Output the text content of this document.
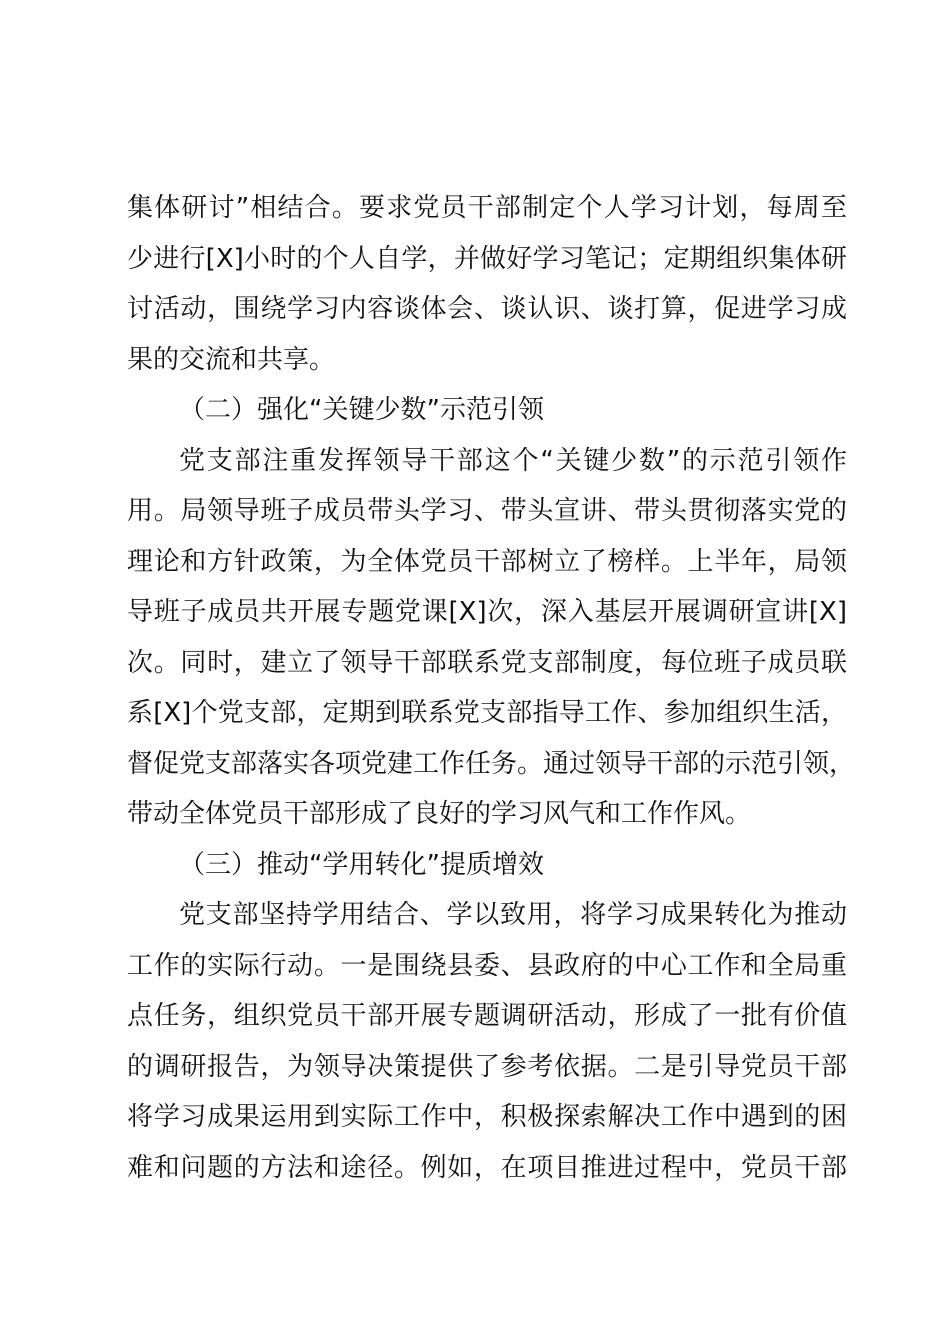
集体研讨”相结合。要求党员干部制定个人学习计划，每周至
少进行[X]小时的个人自学，并做好学习笔记；定期组织集体研
讨活动，围绕学习内容谈体会、谈认识、谈打算，促进学习成
果的交流和共享。
（二）强化“关键少数”示范引领
党支部注重发挥领导干部这个“关键少数”的示范引领作
用。局领导班子成员带头学习、带头宣讲、带头贯彻落实党的
理论和方针政策，为全体党员干部树立了榜样。上半年，局领
导班子成员共开展专题党课[X]次，深入基层开展调研宣讲[X]
次。同时，建立了领导干部联系党支部制度，每位班子成员联
系[X]个党支部，定期到联系党支部指导工作、参加组织生活，
督促党支部落实各项党建工作任务。通过领导干部的示范引领，
带动全体党员干部形成了良好的学习风气和工作作风。
（三）推动“学用转化”提质增效
党支部坚持学用结合、学以致用，将学习成果转化为推动
工作的实际行动。一是围绕县委、县政府的中心工作和全局重
点任务，组织党员干部开展专题调研活动，形成了一批有价值
的调研报告，为领导决策提供了参考依据。二是引导党员干部
将学习成果运用到实际工作中，积极探索解决工作中遇到的困
难和问题的方法和途径。例如，在项目推进过程中，党员干部
